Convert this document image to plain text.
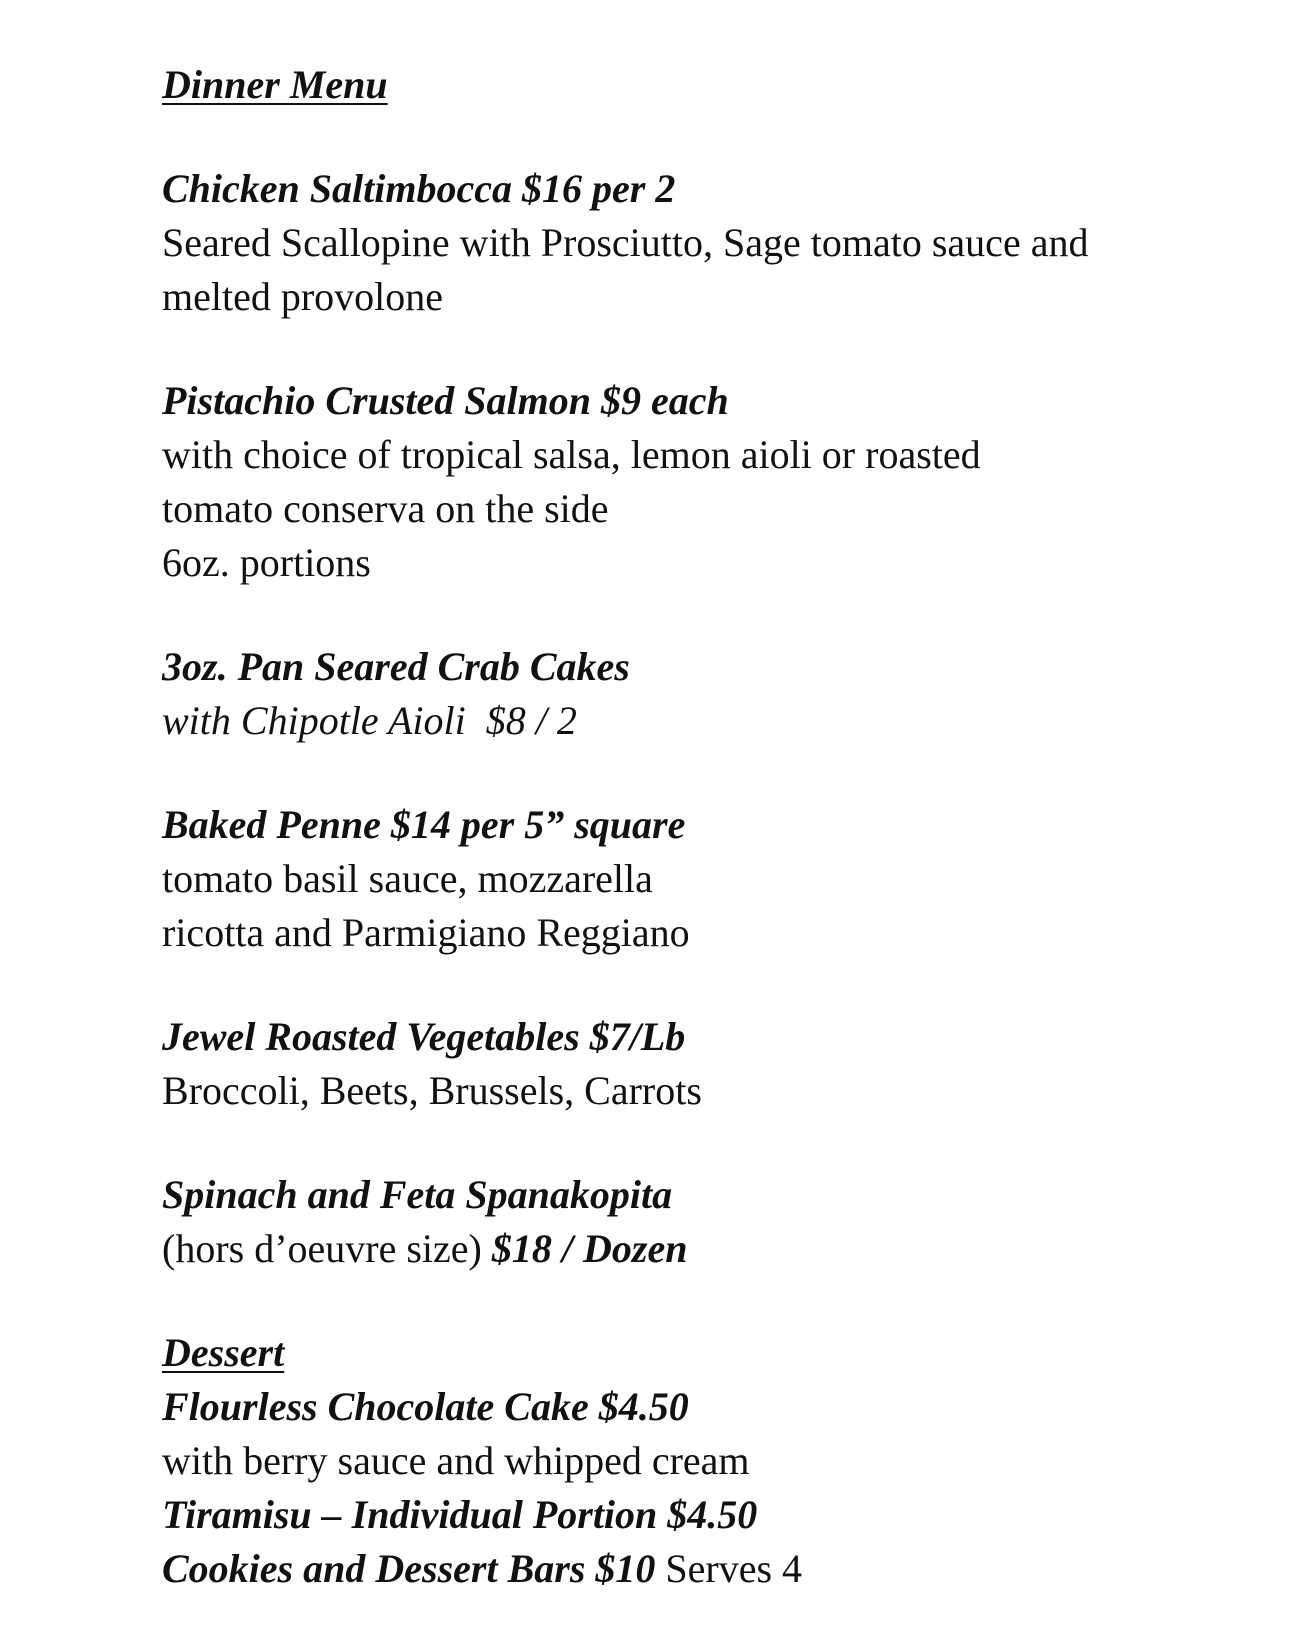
Dinner Menu
Chicken Saltimbocca $16 per 2
Seared Scallopine with Prosciutto, Sage tomato sauce and
melted provolone
Pistachio Crusted Salmon $9 each
with choice of tropical salsa, lemon aioli or roasted
tomato conserva on the side
6oz. portions
3oz. Pan Seared Crab Cakes
with Chipotle Aioli  $8 / 2
Baked Penne $14 per 5” square
tomato basil sauce, mozzarella
ricotta and Parmigiano Reggiano
Jewel Roasted Vegetables $7/Lb
Broccoli, Beets, Brussels, Carrots
Spinach and Feta Spanakopita
(hors d’oeuvre size) $18 / Dozen
Dessert
Flourless Chocolate Cake $4.50
with berry sauce and whipped cream
Tiramisu – Individual Portion $4.50
Cookies and Dessert Bars $10 Serves 4
